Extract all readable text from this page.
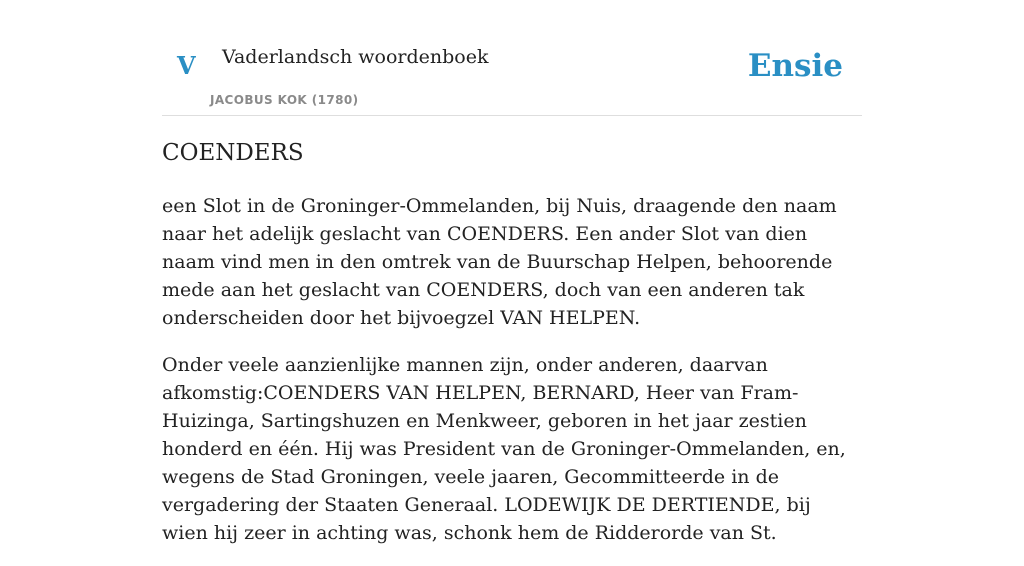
V Vaderlandsch woordenboek
JACOBUS KOK (1780)
Ensie
COENDERS

een Slot in de Groninger-Ommelanden, bij Nuis, draagende den naam naar het adelijk geslacht van COENDERS. Een ander Slot van dien naam vind men in den omtrek van de Buurschap Helpen, behoorende mede aan het geslacht van COENDERS, doch van een anderen tak onderscheiden door het bijvoegzel VAN HELPEN.

Onder veele aanzienlijke mannen zijn, onder anderen, daarvan afkomstig:COENDERS VAN HELPEN, BERNARD, Heer van Fram-Huizinga, Sartingshuzen en Menkweer, geboren in het jaar zestien honderd en één. Hij was President van de Groninger-Ommelanden, en, wegens de Stad Groningen, veele jaaren, Gecommitteerde in de vergadering der Staaten Generaal. LODEWIJK DE DERTIENDE, bij wien hij zeer in achting was, schonk hem de Ridderorde van St.
